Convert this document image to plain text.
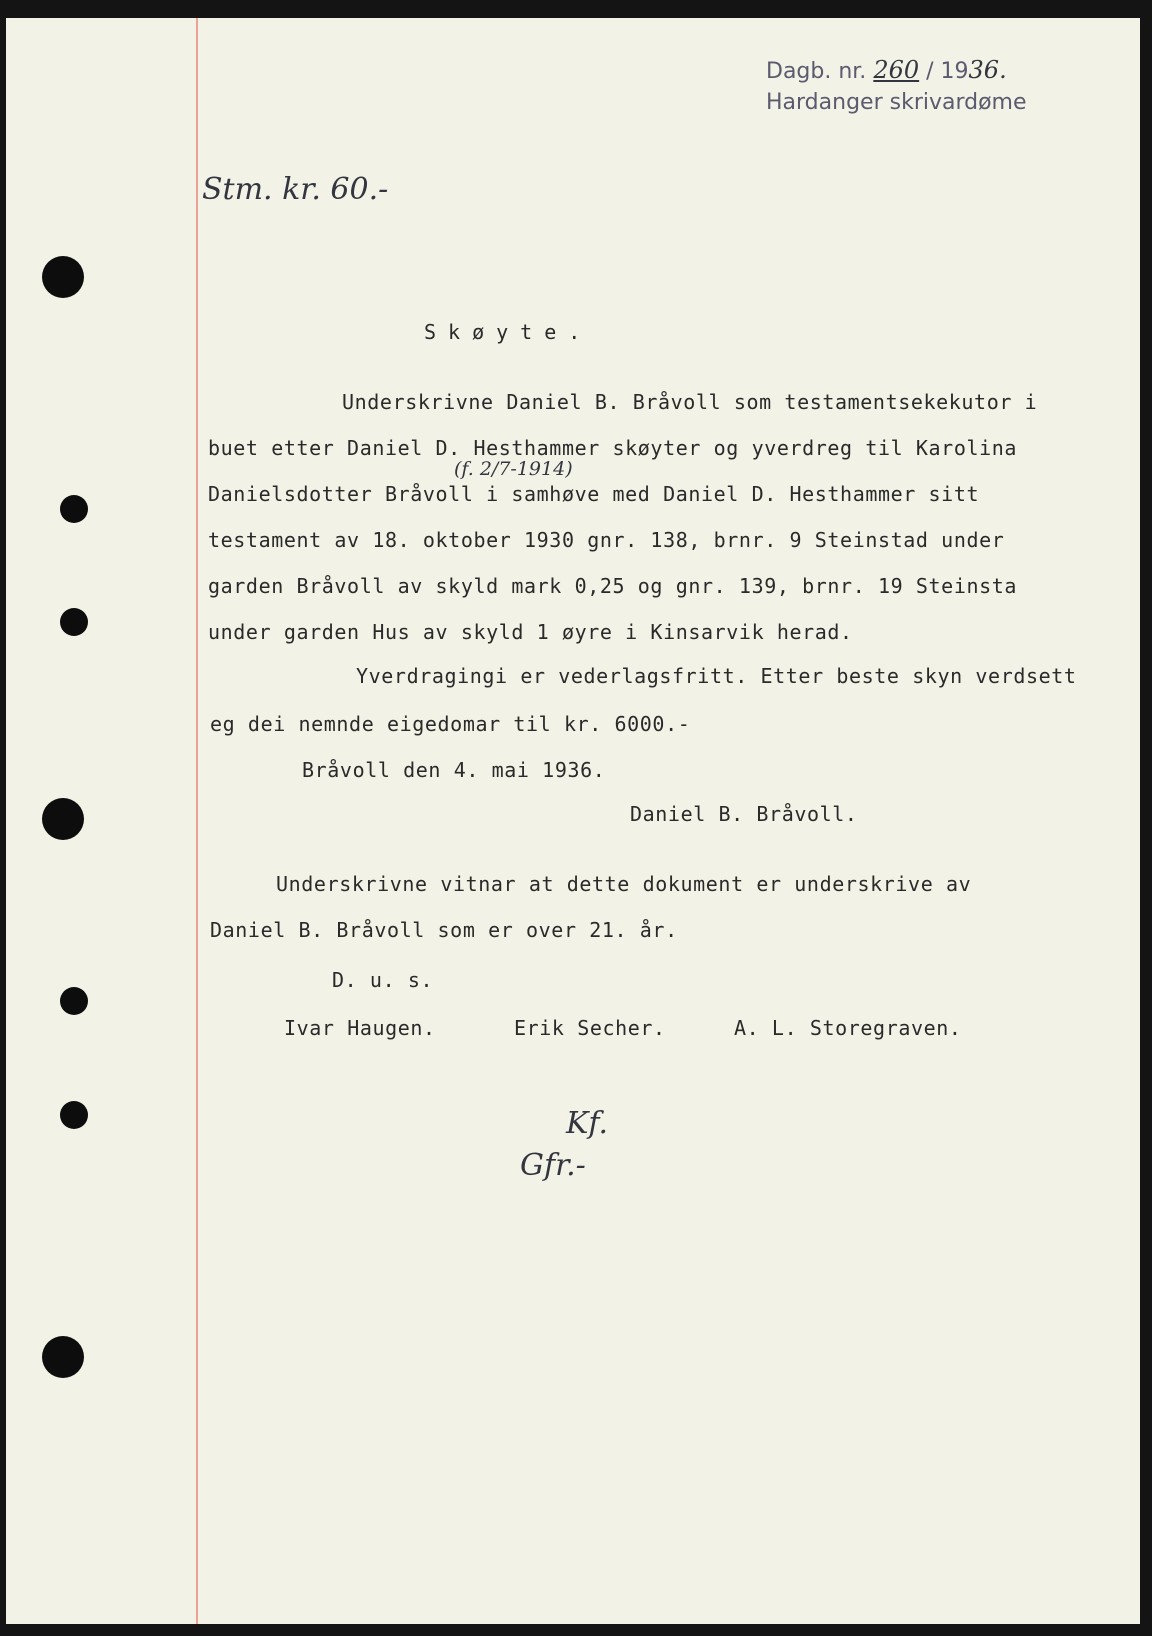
Dagb. nr. 260 / 1936.
Hardanger skrivardøme
Stm. kr. 60.-
Skøyte.
Underskrivne Daniel B. Bråvoll som testamentsekekutor i
buet etter Daniel D. Hesthammer skøyter og yverdreg til Karolina
(f. 2/7-1914)
Danielsdotter Bråvoll i samhøve med Daniel D. Hesthammer sitt
testament av 18. oktober 1930 gnr. 138, brnr. 9 Steinstad under
garden Bråvoll av skyld mark 0,25 og gnr. 139, brnr. 19 Steinsta
under garden Hus av skyld 1 øyre i Kinsarvik herad.
Yverdragingi er vederlagsfritt. Etter beste skyn verdsett
eg dei nemnde eigedomar til kr. 6000.-
Bråvoll den 4. mai 1936.
Daniel B. Bråvoll.
Underskrivne vitnar at dette dokument er underskrive av
Daniel B. Bråvoll som er over 21. år.
D. u. s.
Ivar Haugen.	Erik Secher.	A. L. Storegraven.
Kf.
Gfr.-
